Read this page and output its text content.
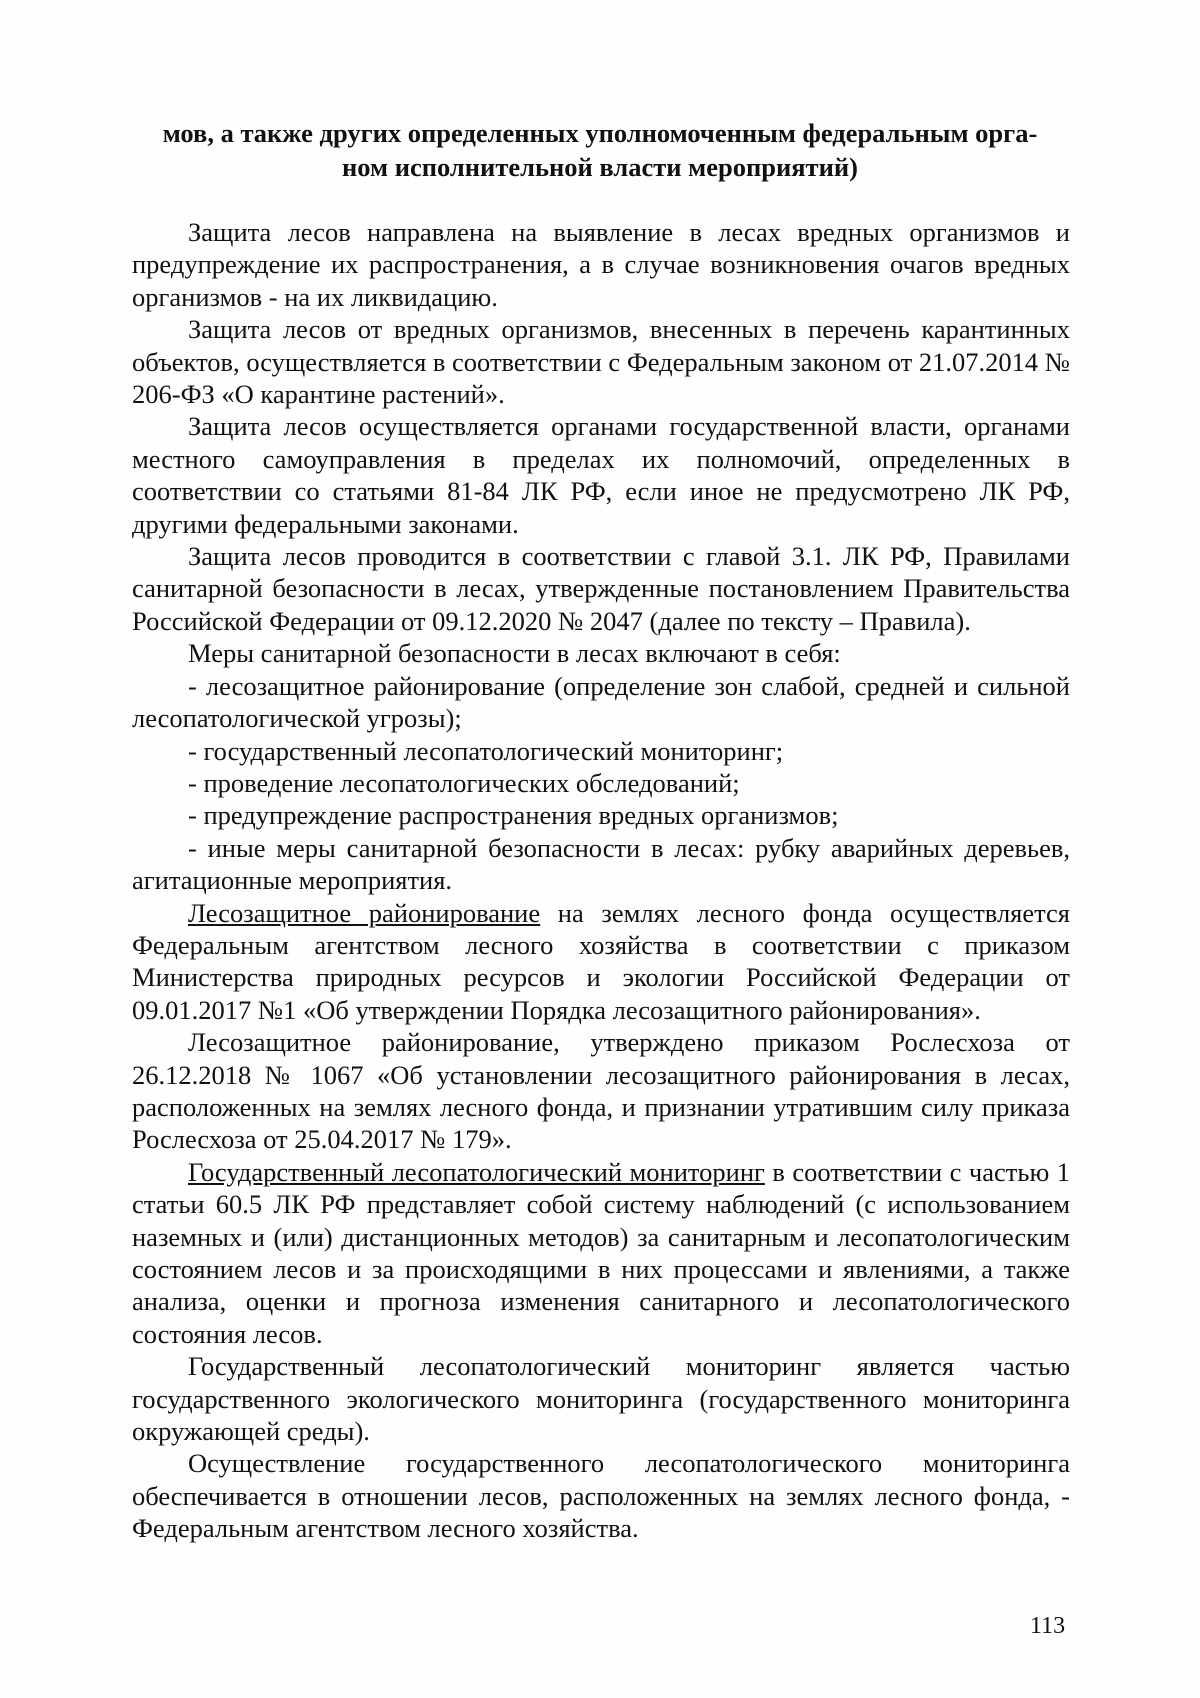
мов, а также других определенных уполномоченным федеральным орга-
ном исполнительной власти мероприятий)

Защита лесов направлена на выявление в лесах вредных организмов и предупреждение их распространения, а в случае возникновения очагов вредных организмов - на их ликвидацию.

Защита лесов от вредных организмов, внесенных в перечень карантинных объектов, осуществляется в соответствии с Федеральным законом от 21.07.2014 № 206-ФЗ «О карантине растений».

Защита лесов осуществляется органами государственной власти, органами местного самоуправления в пределах их полномочий, определенных в соответствии со статьями 81-84 ЛК РФ, если иное не предусмотрено ЛК РФ, другими федеральными законами.

Защита лесов проводится в соответствии с главой 3.1. ЛК РФ, Правилами санитарной безопасности в лесах, утвержденные постановлением Правительства Российской Федерации от 09.12.2020 № 2047 (далее по тексту – Правила).

Меры санитарной безопасности в лесах включают в себя:

- лесозащитное районирование (определение зон слабой, средней и сильной лесопатологической угрозы);

- государственный лесопатологический мониторинг;

- проведение лесопатологических обследований;

- предупреждение распространения вредных организмов;

- иные меры санитарной безопасности в лесах: рубку аварийных деревьев, агитационные мероприятия.

Лесозащитное районирование на землях лесного фонда осуществляется Федеральным агентством лесного хозяйства в соответствии с приказом Министерства природных ресурсов и экологии Российской Федерации от 09.01.2017 №1 «Об утверждении Порядка лесозащитного районирования».

Лесозащитное районирование, утверждено приказом Рослесхоза от 26.12.2018 № 1067 «Об установлении лесозащитного районирования в лесах, расположенных на землях лесного фонда, и признании утратившим силу приказа Рослесхоза от 25.04.2017 № 179».

Государственный лесопатологический мониторинг в соответствии с частью 1 статьи 60.5 ЛК РФ представляет собой систему наблюдений (с использованием наземных и (или) дистанционных методов) за санитарным и лесопатологическим состоянием лесов и за происходящими в них процессами и явлениями, а также анализа, оценки и прогноза изменения санитарного и лесопатологического состояния лесов.

Государственный лесопатологический мониторинг является частью государственного экологического мониторинга (государственного мониторинга окружающей среды).

Осуществление государственного лесопатологического мониторинга обеспечивается в отношении лесов, расположенных на землях лесного фонда, - Федеральным агентством лесного хозяйства.

113
